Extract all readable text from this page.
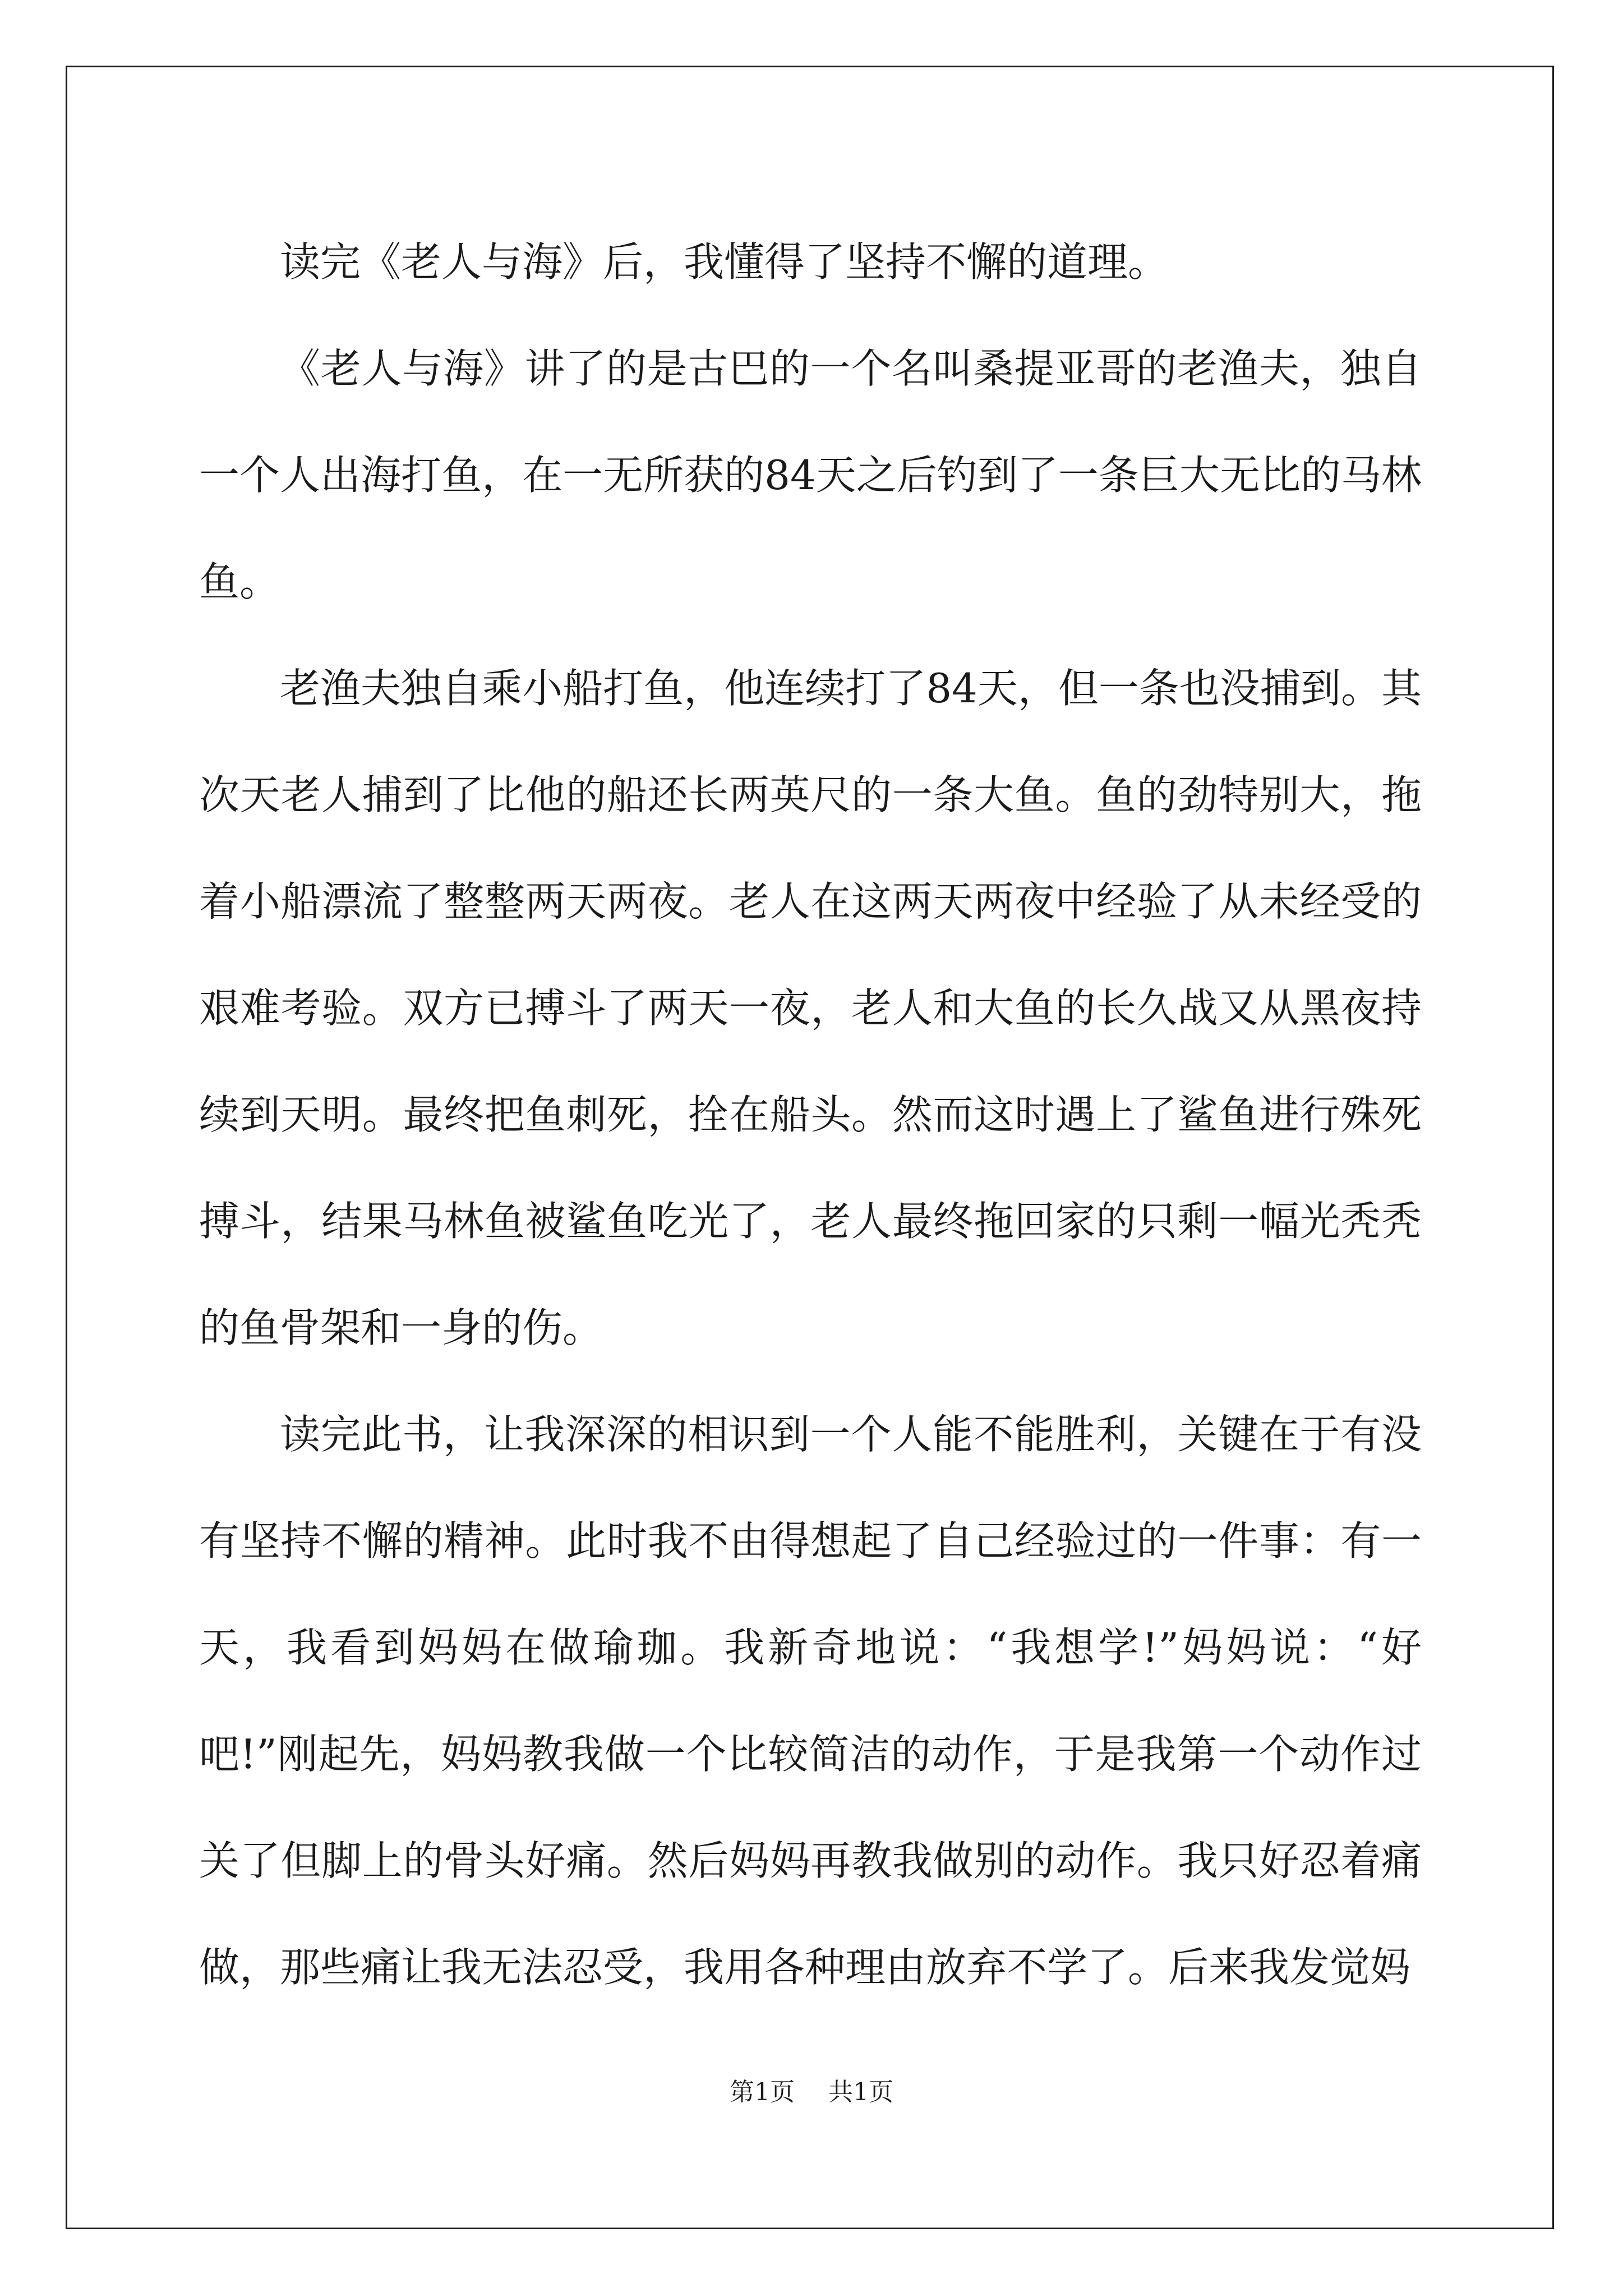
读完《老人与海》后，我懂得了坚持不懈的道理。

《老人与海》讲了的是古巴的一个名叫桑提亚哥的老渔夫，独自一个人出海打鱼，在一无所获的84天之后钓到了一条巨大无比的马林鱼。

老渔夫独自乘小船打鱼，他连续打了84天，但一条也没捕到。其次天老人捕到了比他的船还长两英尺的一条大鱼。鱼的劲特别大，拖着小船漂流了整整两天两夜。老人在这两天两夜中经验了从未经受的艰难考验。双方已搏斗了两天一夜，老人和大鱼的长久战又从黑夜持续到天明。最终把鱼刺死，拴在船头。然而这时遇上了鲨鱼进行殊死搏斗，结果马林鱼被鲨鱼吃光了，老人最终拖回家的只剩一幅光秃秃的鱼骨架和一身的伤。

读完此书，让我深深的相识到一个人能不能胜利，关键在于有没有坚持不懈的精神。此时我不由得想起了自己经验过的一件事：有一天，我看到妈妈在做瑜珈。我新奇地说：“我想学!”妈妈说：“好吧!”刚起先，妈妈教我做一个比较简洁的动作，于是我第一个动作过关了但脚上的骨头好痛。然后妈妈再教我做别的动作。我只好忍着痛做，那些痛让我无法忍受，我用各种理由放弃不学了。后来我发觉妈

第1页 共1页
